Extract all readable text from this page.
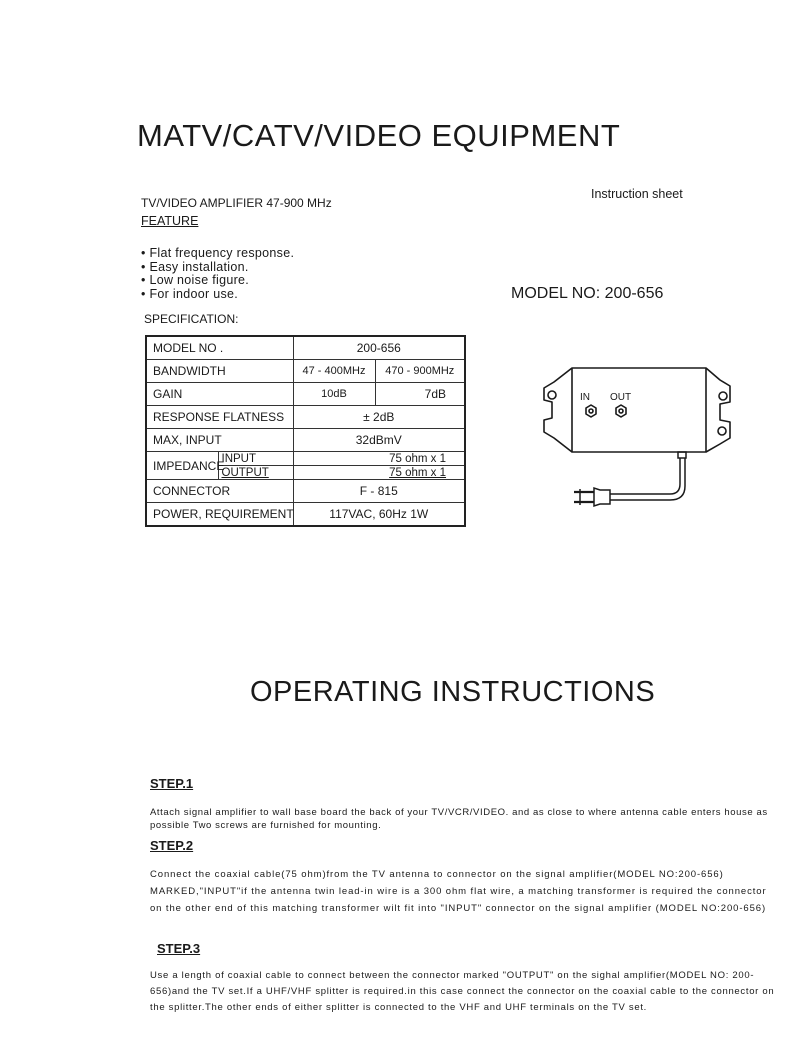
MATV/CATV/VIDEO EQUIPMENT
TV/VIDEO AMPLIFIER 47-900 MHz
FEATURE
Instruction sheet
• Flat frequency response.
• Easy installation.
• Low noise figure.
• For indoor use.	MODEL NO: 200-656
SPECIFICATION:
MODEL NO .		200-656	
BANDWIDTH		47 - 400MHz	470 - 900MHz
GAIN		10dB	7dB
RESPONSE FLATNESS		± 2dB	
MAX, INPUT		32dBmV	
IMPEDANCE	INPUT	75 ohm x 1	
	OUTPUT	75 ohm x 1	
CONNECTOR		F - 815	
POWER, REQUIREMENT		117VAC, 60Hz 1W	
IN OUT
OPERATING INSTRUCTIONS
STEP.1
Attach signal amplifier to wall base board the back of your TV/VCR/VIDEO. and as close to where antenna cable enters house as possible Two screws are furnished for mounting.
STEP.2
Connect the coaxial cable(75 ohm)from the TV antenna to connector on the signal amplifier(MODEL NO:200-656) MARKED,"INPUT"if the antenna twin lead-in wire is a 300 ohm flat wire, a matching transformer is required the connector on the other end of this matching transformer wilt fit into "INPUT" connector on the signal amplifier (MODEL NO:200-656)
STEP.3
Use a length of coaxial cable to connect between the connector marked "OUTPUT" on the sighal amplifier(MODEL NO: 200-656)and the TV set.If a UHF/VHF splitter is required.in this case connect the connector on the coaxial cable to the connector on the splitter.The other ends of either splitter is connected to the VHF and UHF terminals on the TV set.
